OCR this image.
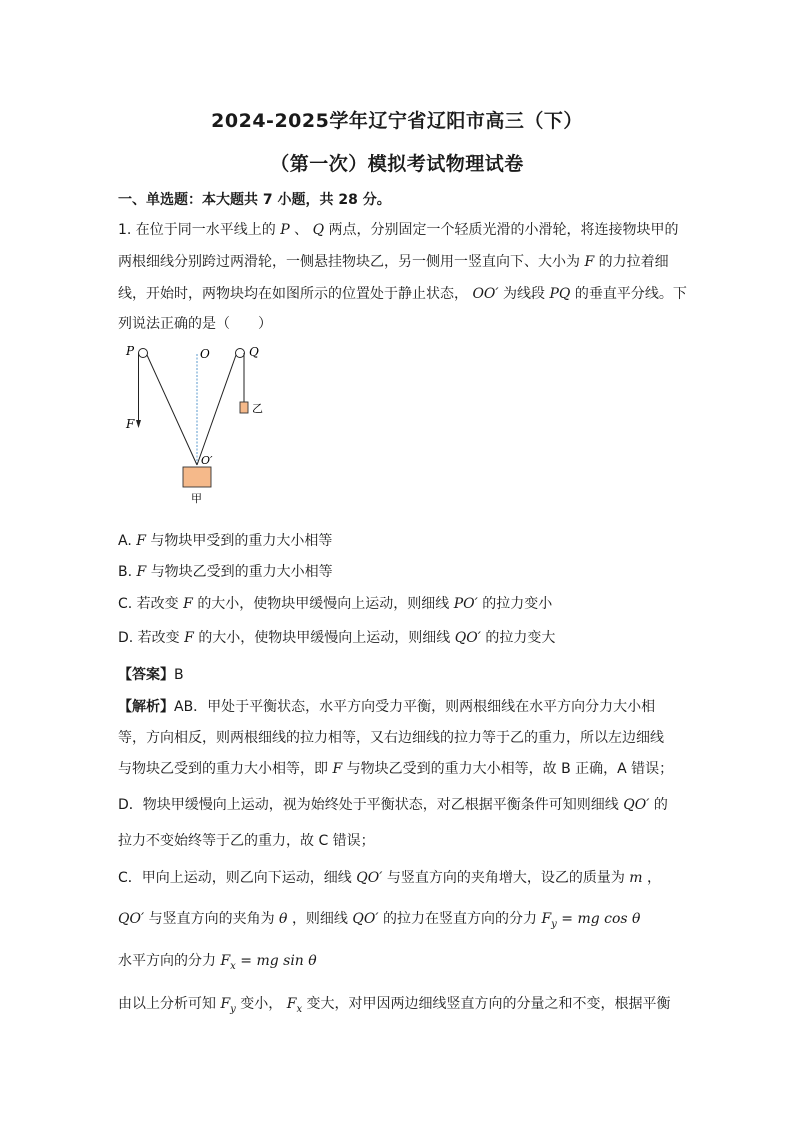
2024-2025学年辽宁省辽阳市高三（下）
（第一次）模拟考试物理试卷
一、单选题：本大题共 7 小题，共 28 分。
1. 在位于同一水平线上的 P 、 Q 两点，分别固定一个轻质光滑的小滑轮，将连接物块甲的
两根细线分别跨过两滑轮，一侧悬挂物块乙，另一侧用一竖直向下、大小为 F 的力拉着细
线，开始时，两物块均在如图所示的位置处于静止状态， OO′ 为线段 PQ 的垂直平分线。下
列说法正确的是（　　）
P	O	Q
F
乙
O′
甲
A. F 与物块甲受到的重力大小相等
B. F 与物块乙受到的重力大小相等
C. 若改变 F 的大小，使物块甲缓慢向上运动，则细线 PO′ 的拉力变小
D. 若改变 F 的大小，使物块甲缓慢向上运动，则细线 QO′ 的拉力变大
【答案】B
【解析】AB．甲处于平衡状态，水平方向受力平衡，则两根细线在水平方向分力大小相
等，方向相反，则两根细线的拉力相等，又右边细线的拉力等于乙的重力，所以左边细线
与物块乙受到的重力大小相等，即 F 与物块乙受到的重力大小相等，故 B 正确，A 错误；
D．物块甲缓慢向上运动，视为始终处于平衡状态，对乙根据平衡条件可知则细线 QO′ 的
拉力不变始终等于乙的重力，故 C 错误；
C．甲向上运动，则乙向下运动，细线 QO′ 与竖直方向的夹角增大，设乙的质量为 m ，
QO′ 与竖直方向的夹角为 θ ，则细线 QO′ 的拉力在竖直方向的分力 $F_y$ = mg cos θ
水平方向的分力 $F_x$ = mg sin θ
由以上分析可知 $F_y$ 变小， $F_x$ 变大，对甲因两边细线竖直方向的分量之和不变，根据平衡
